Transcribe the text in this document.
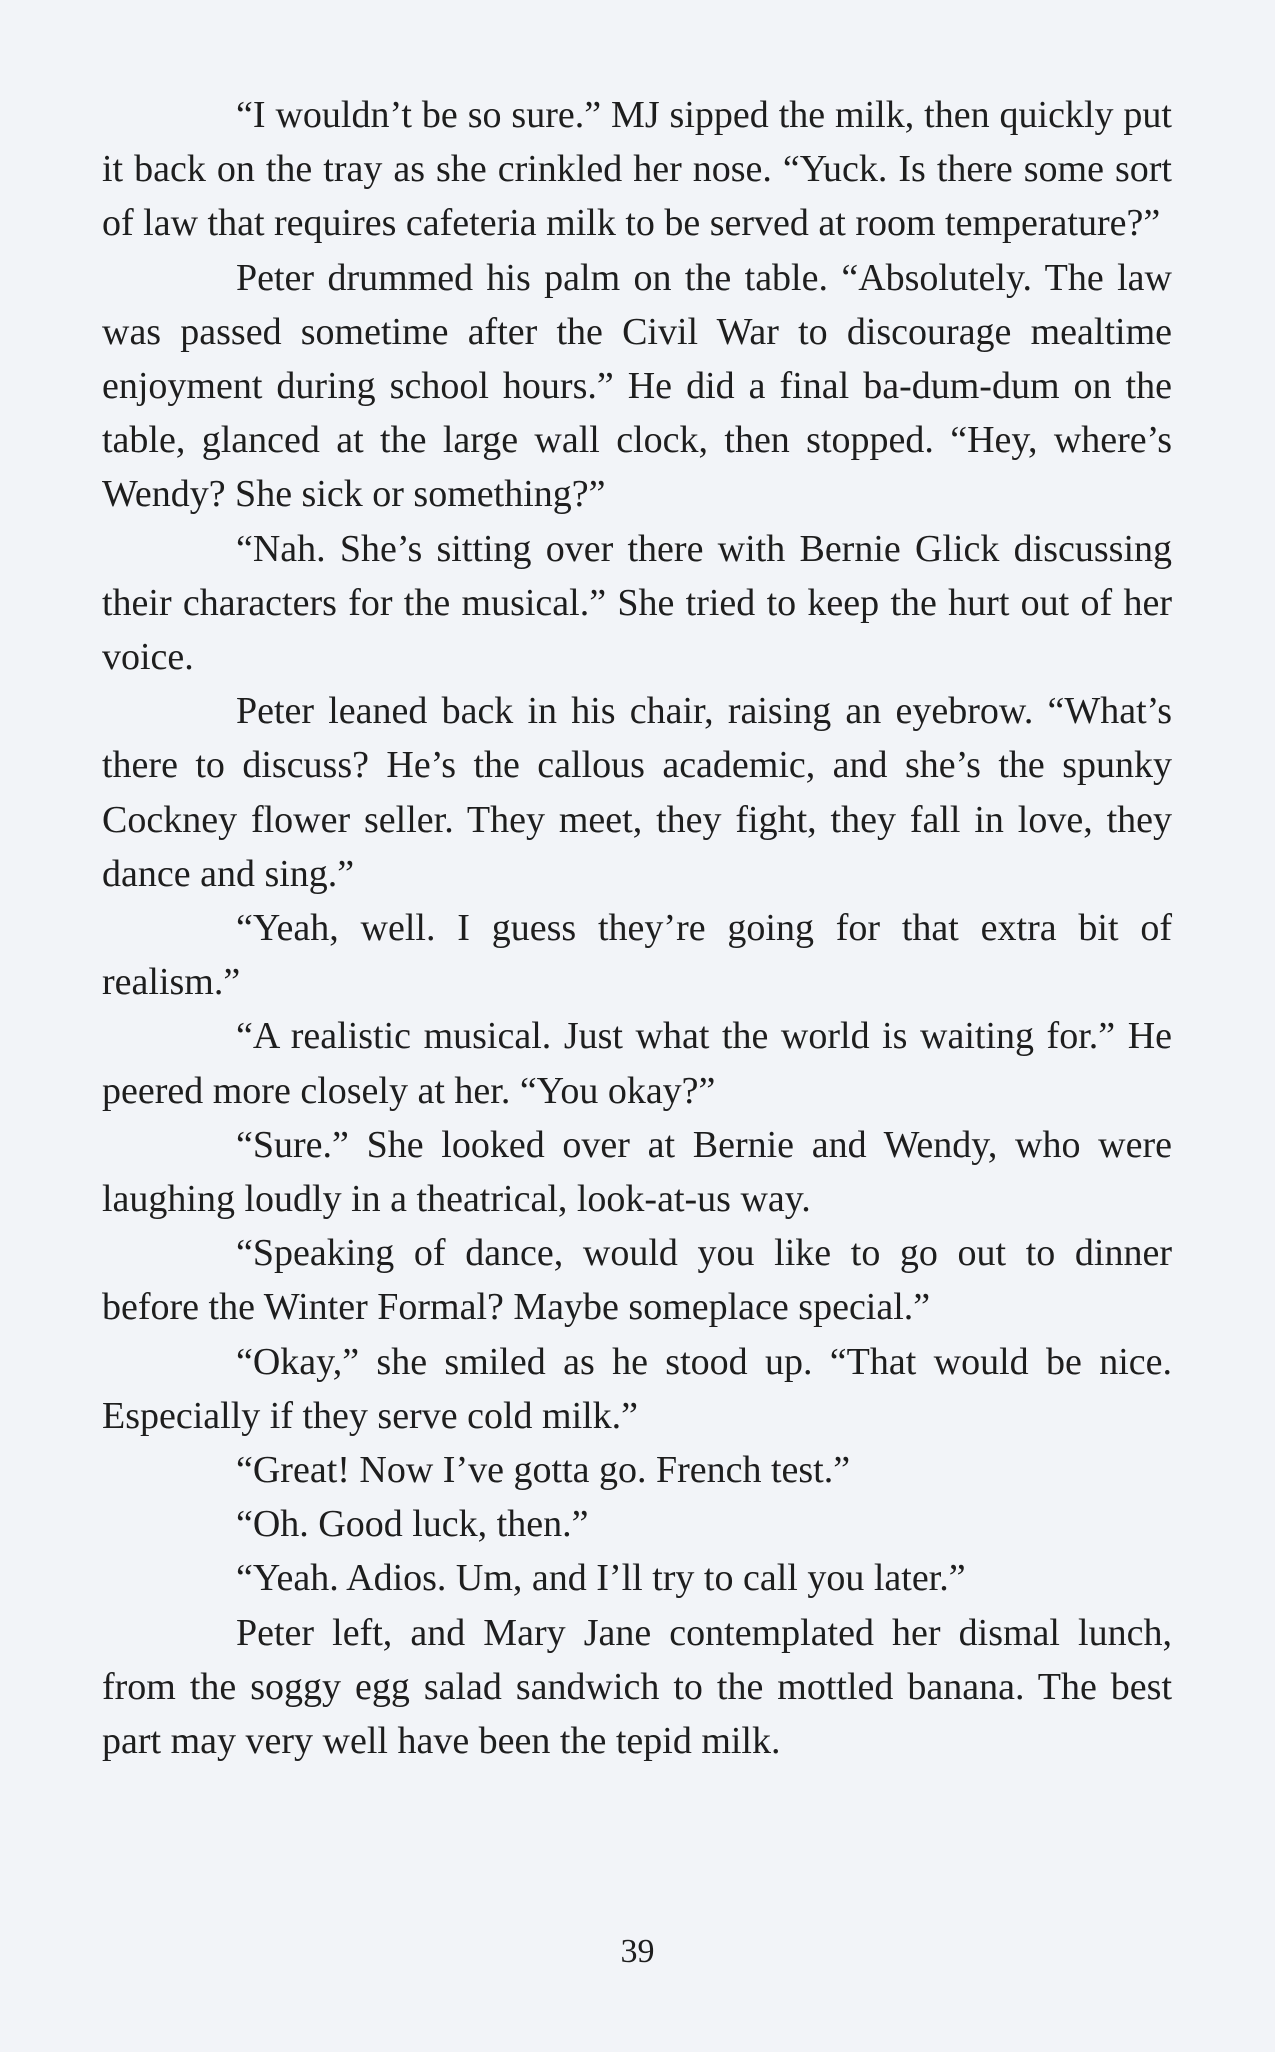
“I wouldn’t be so sure.” MJ sipped the milk, then quickly put it back on the tray as she crinkled her nose. “Yuck. Is there some sort of law that requires cafeteria milk to be served at room temperature?”

Peter drummed his palm on the table. “Absolutely. The law was passed sometime after the Civil War to discourage mealtime enjoyment during school hours.” He did a final ba-dum-dum on the table, glanced at the large wall clock, then stopped. “Hey, where’s Wendy? She sick or something?”

“Nah. She’s sitting over there with Bernie Glick discussing their characters for the musical.” She tried to keep the hurt out of her voice.

Peter leaned back in his chair, raising an eyebrow. “What’s there to discuss? He’s the callous academic, and she’s the spunky Cockney flower seller. They meet, they fight, they fall in love, they dance and sing.”

“Yeah, well. I guess they’re going for that extra bit of realism.”

“A realistic musical. Just what the world is waiting for.” He peered more closely at her. “You okay?”

“Sure.” She looked over at Bernie and Wendy, who were laughing loudly in a theatrical, look-at-us way.

“Speaking of dance, would you like to go out to dinner before the Winter Formal? Maybe someplace special.”

“Okay,” she smiled as he stood up. “That would be nice. Especially if they serve cold milk.”

“Great! Now I’ve gotta go. French test.”

“Oh. Good luck, then.”

“Yeah. Adios. Um, and I’ll try to call you later.”

Peter left, and Mary Jane contemplated her dismal lunch, from the soggy egg salad sandwich to the mottled banana. The best part may very well have been the tepid milk.

39
